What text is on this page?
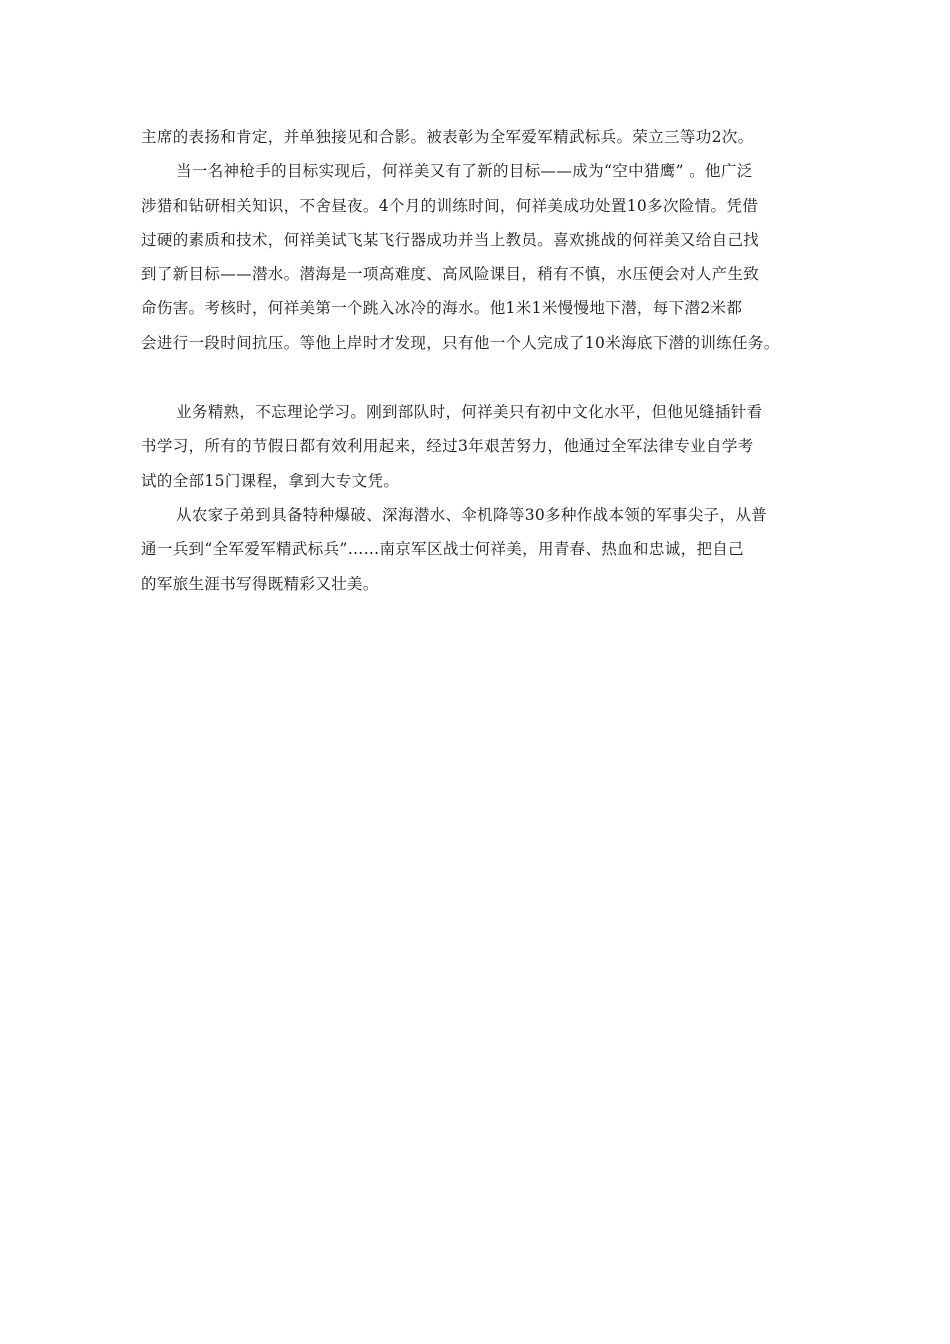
主席的表扬和肯定，并单独接见和合影。被表彰为全军爱军精武标兵。荣立三等功2次。
当一名神枪手的目标实现后，何祥美又有了新的目标——成为“空中猎鹰” 。他广泛
涉猎和钻研相关知识，不舍昼夜。4个月的训练时间，何祥美成功处置10多次险情。凭借
过硬的素质和技术，何祥美试飞某飞行器成功并当上教员。喜欢挑战的何祥美又给自己找
到了新目标——潜水。潜海是一项高难度、高风险课目，稍有不慎，水压便会对人产生致
命伤害。考核时，何祥美第一个跳入冰冷的海水。他1米1米慢慢地下潜，每下潜2米都
会进行一段时间抗压。等他上岸时才发现，只有他一个人完成了10米海底下潜的训练任务。
业务精熟，不忘理论学习。刚到部队时，何祥美只有初中文化水平，但他见缝插针看
书学习，所有的节假日都有效利用起来，经过3年艰苦努力，他通过全军法律专业自学考
试的全部15门课程，拿到大专文凭。
从农家子弟到具备特种爆破、深海潜水、伞机降等30多种作战本领的军事尖子，从普
通一兵到“全军爱军精武标兵”……南京军区战士何祥美，用青春、热血和忠诚，把自己
的军旅生涯书写得既精彩又壮美。
